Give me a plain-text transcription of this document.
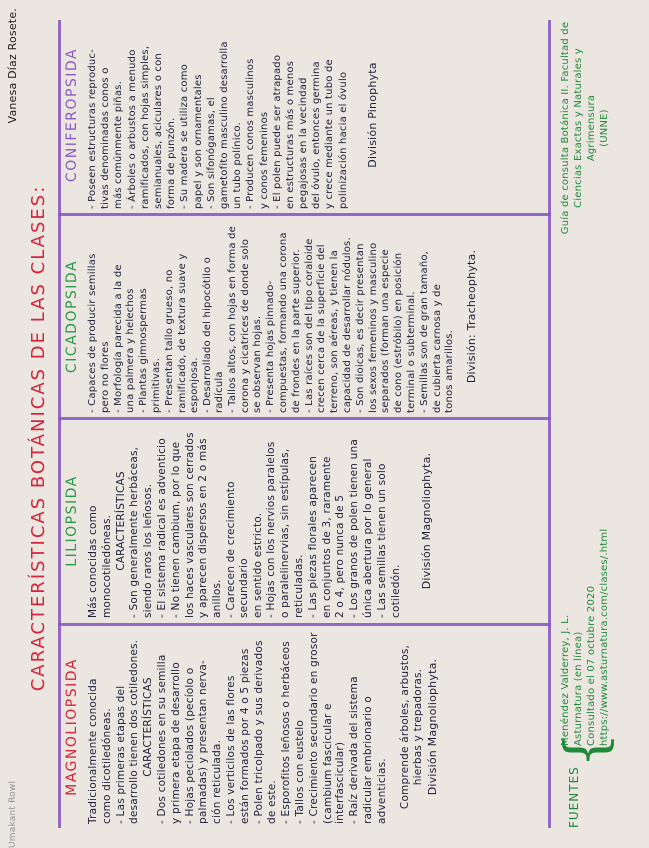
Umakant Rowl
Vanesa Díaz Rosete.
CARACTERÍSTICAS BOTÁNICAS DE LAS CLASES:
MAGNOLIOPSIDA Tradicionalmente conocida como dicotiledóneas. - Las primeras etapas del desarrollo tienen dos cotiledones. CARACTERÍSTICAS - Dos cotiledones en su semilla y primera etapa de desarrollo - Hojas peciolados (pecíolo o palmadas) y presentan nerva- ción reticulada. - Los verticilos de las flores están formados por 4 o 5 piezas - Polen tricolpado y sus derivados de este. - Esporofitos leñosos o herbáceos - Tallos con eustelo - Crecimiento secundario en grosor (cambium fascicular e interfascicular) - Raíz derivada del sistema radicular embrionario o adventicias. Comprende árboles, arbustos, hierbas y trepadoras. División Magnoliophyta.

LILIOPSIDA Más conocidas como monocotiledóneas. CARACTERÍSTICAS - Son generalmente herbáceas, siendo raros los leñosos. - El sistema radical es adventicio - No tienen cambium, por lo que los haces vasculares son cerrados y aparecen dispersos en 2 o más anillos. - Carecen de crecimiento secundario en sentido estricto. - Hojas con los nervios paralelos o paralelinervias, sin estípulas, reticuladas. - Las piezas florales aparecen en conjuntos de 3, raramente 2 o 4, pero nunca de 5 - Los granos de polen tienen una única abertura por lo general - Las semillas tienen un solo cotiledón.

División Magnoliophyta.

CICADOPSIDA - Capaces de producir semillas pero no flores - Morfología parecida a la de una palmera y helechos - Plantas gimnospermas primitivas. - Presentan tallo grueso, no ramificado, de textura suave y esponjosa. - Desarrollado del hipocótilo o radícula - Tallos altos, con hojas en forma de corona y cicatrices de donde solo se observan hojas. - Presenta hojas pinnado- compuestas, formando una corona de frondes en la parte superior. - Las raíces son del tipo coraloide crecen cerca de la superficie del terreno, son aéreas, y tienen la capacidad de desarrollar nódulos. - Son dioicas, es decir presentan los sexos femeninos y masculino separados (forman una especie de cono (estróbilo) en posición terminal o subterminal. - Semillas son de gran tamaño, de cubierta carnosa y de tonos amarillos. División: Tracheophyta.

CONIFEROPSIDA - Poseen estructuras reproduc- tivas denominadas conos o más comúnmente piñas. - Árboles o arbustos a menudo ramificados, con hojas simples, semianuales, aciculares o con forma de punzón. - Su madera se utiliza como papel y son ornamentales - Son sifonógamas, el gametofito masculino desarrolla un tubo polínico. - Producen conos masculinos y conos femeninos - El polen puede ser atrapado en estructuras más o menos pegajosas en la vecindad del óvulo, entonces germina y crece mediante un tubo de polinización hacia el óvulo División Pinophyta

FUENTES
{
Menéndez Valderrey, J. L. Asturnatura (en línea) Consultado el 07 octubre 2020 https://www.asturnatura.com/clases/.html
Guía de consulta Botánica II. Facultad de Ciencias Exactas y Naturales y Agrimensura (UNNE)
